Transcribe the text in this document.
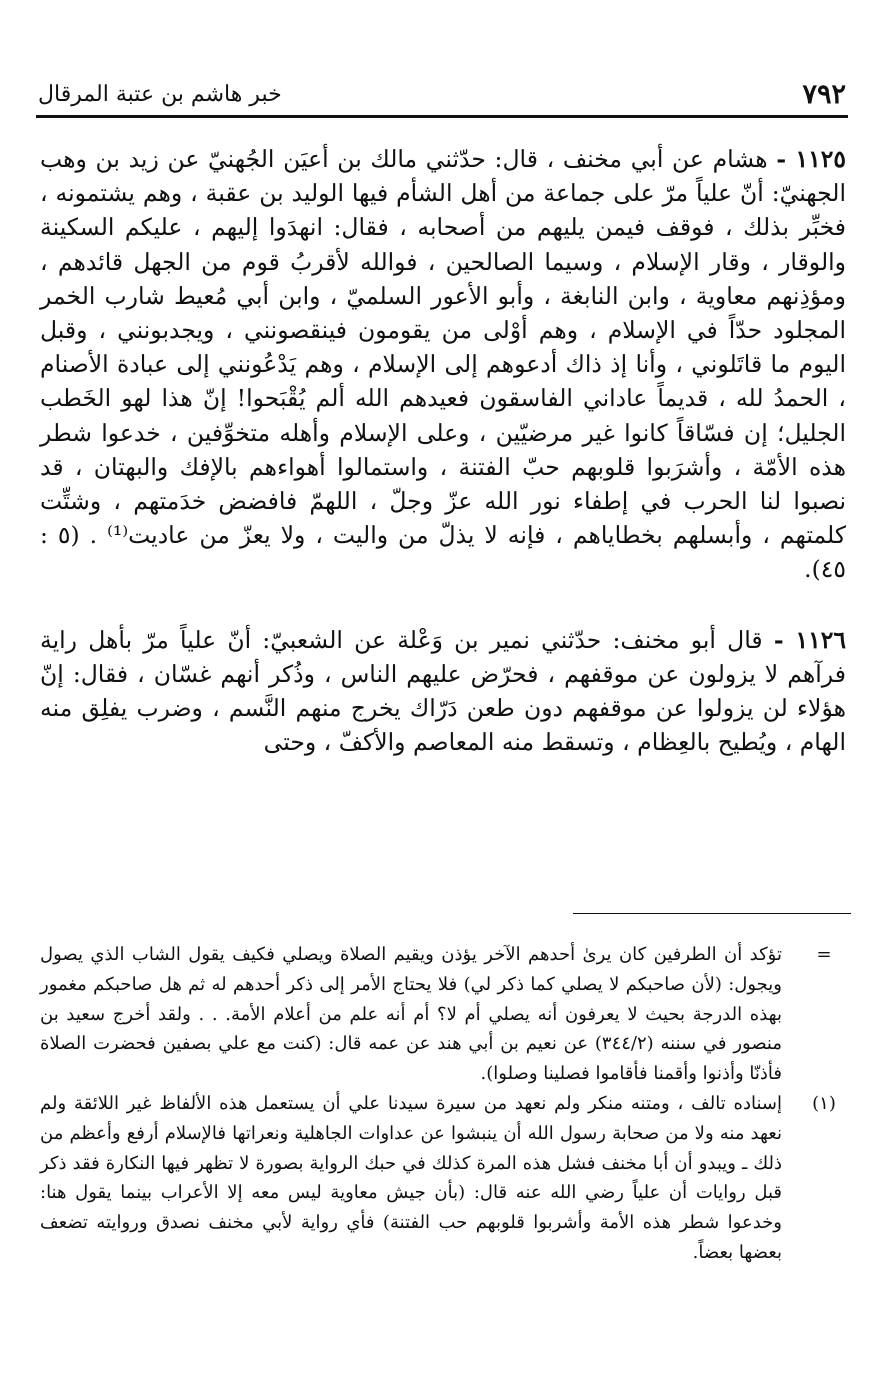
٧٩٢
خبر هاشم بن عتبة المرقال

١١٢٥ - هشام عن أبي مخنف ، قال: حدّثني مالك بن أعيَن الجُهنيّ عن زيد بن وهب الجهنيّ: أنّ علياً مرّ على جماعة من أهل الشأم فيها الوليد بن عقبة ، وهم يشتمونه ، فخبِّر بذلك ، فوقف فيمن يليهم من أصحابه ، فقال: انهدَوا إليهم ، عليكم السكينة والوقار ، وقار الإسلام ، وسيما الصالحين ، فوالله لأقربُ قوم من الجهل قائدهم ، ومؤذِنهم معاوية ، وابن النابغة ، وأبو الأعور السلميّ ، وابن أبي مُعيط شارب الخمر المجلود حدّاً في الإسلام ، وهم أوْلى من يقومون فينقصونني ، ويجدبونني ، وقبل اليوم ما قاتَلوني ، وأنا إذ ذاك أدعوهم إلى الإسلام ، وهم يَدْعُونني إلى عبادة الأصنام ، الحمدُ لله ، قديماً عاداني الفاسقون فعيدهم الله ألم يُقْبَحوا! إنّ هذا لهو الخَطب الجليل؛ إن فسّاقاً كانوا غير مرضيّين ، وعلى الإسلام وأهله متخوِّفين ، خدعوا شطر هذه الأمّة ، وأشرَبوا قلوبهم حبّ الفتنة ، واستمالوا أهواءهم بالإفك والبهتان ، قد نصبوا لنا الحرب في إطفاء نور الله عزّ وجلّ ، اللهمّ فافضض خدَمتهم ، وشتِّت كلمتهم ، وأبسلهم بخطاياهم ، فإنه لا يذلّ من واليت ، ولا يعزّ من عاديت⁽¹⁾ . (٥ : ٤٥).

١١٢٦ - قال أبو مخنف: حدّثني نمير بن وَعْلة عن الشعبيّ: أنّ علياً مرّ بأهل راية فرآهم لا يزولون عن موقفهم ، فحرّض عليهم الناس ، وذُكر أنهم غسّان ، فقال: إنّ هؤلاء لن يزولوا عن موقفهم دون طعن دَرّاك يخرج منهم النَّسم ، وضرب يفلِق منه الهام ، ويُطيح بالعِظام ، وتسقط منه المعاصم والأكفّ ، وحتى

=
تؤكد أن الطرفين كان يرىٰ أحدهم الآخر يؤذن ويقيم الصلاة ويصلي فكيف يقول الشاب الذي يصول ويجول: (لأن صاحبكم لا يصلي كما ذكر لي) فلا يحتاج الأمر إلى ذكر أحدهم له ثم هل صاحبكم مغمور بهذه الدرجة بحيث لا يعرفون أنه يصلي أم لا؟ أم أنه علم من أعلام الأمة. . . ولقد أخرج سعيد بن منصور في سننه (٣٤٤/٢) عن نعيم بن أبي هند عن عمه قال: (كنت مع علي بصفين فحضرت الصلاة فأذنّا وأذنوا وأقمنا فأقاموا فصلينا وصلوا).

(١)
إسناده تالف ، ومتنه منكر ولم نعهد من سيرة سيدنا علي أن يستعمل هذه الألفاظ غير اللائقة ولم نعهد منه ولا من صحابة رسول الله أن ينبشوا عن عداوات الجاهلية ونعراتها فالإسلام أرفع وأعظم من ذلك ـ ويبدو أن أبا مخنف فشل هذه المرة كذلك في حبك الرواية بصورة لا تظهر فيها النكارة فقد ذكر قبل روايات أن علياً رضي الله عنه قال: (بأن جيش معاوية ليس معه إلا الأعراب بينما يقول هنا: وخدعوا شطر هذه الأمة وأشربوا قلوبهم حب الفتنة) فأي رواية لأبي مخنف نصدق وروايته تضعف بعضها بعضاً.
